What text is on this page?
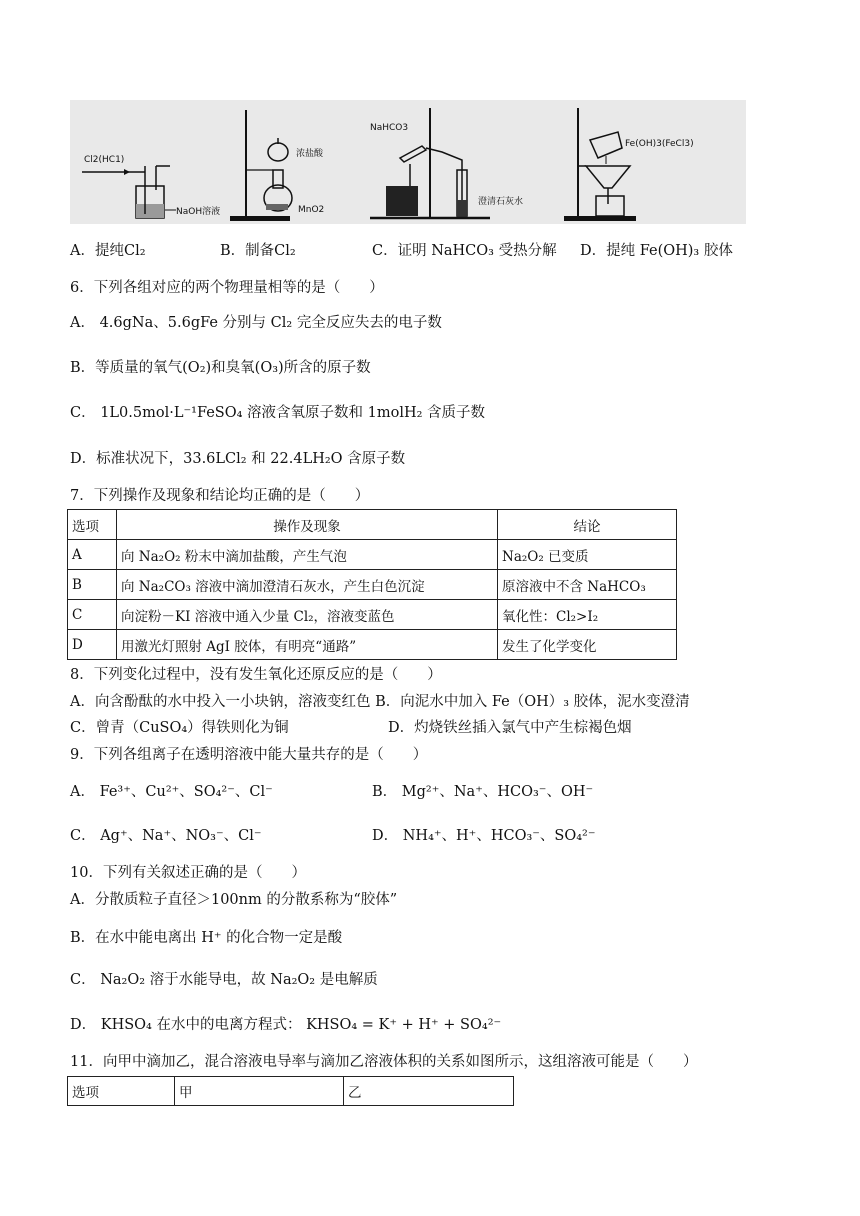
Cl2(HC1)
NaOH溶液
浓盐酸
MnO2
NaHCO3
澄清石灰水
Fe(OH)3(FeCl3)
A．提纯Cl₂	B．制备Cl₂	C．证明 NaHCO₃ 受热分解 D．提纯 Fe(OH)₃ 胶体
6．下列各组对应的两个物理量相等的是（　　）
A． 4.6gNa、5.6gFe 分别与 Cl₂ 完全反应失去的电子数
B．等质量的氧气(O₂)和臭氧(O₃)所含的原子数
C． 1L0.5mol·L⁻¹FeSO₄ 溶液含氧原子数和 1molH₂ 含质子数
D．标准状况下，33.6LCl₂ 和 22.4LH₂O 含原子数
7．下列操作及现象和结论均正确的是（　　）
选项	操作及现象	结论
A	向 Na₂O₂ 粉末中滴加盐酸，产生气泡	Na₂O₂ 已变质
B	向 Na₂CO₃ 溶液中滴加澄清石灰水，产生白色沉淀	原溶液中不含 NaHCO₃
C	向淀粉－KI 溶液中通入少量 Cl₂，溶液变蓝色	氧化性：Cl₂>I₂
D	用激光灯照射 AgI 胶体，有明亮“通路”	发生了化学变化
8．下列变化过程中，没有发生氧化还原反应的是（　　）
A．向含酚酞的水中投入一小块钠，溶液变红色 B．向泥水中加入 Fe（OH）₃ 胶体，泥水变澄清
C．曾青（CuSO₄）得铁则化为铜	D．灼烧铁丝插入氯气中产生棕褐色烟
9．下列各组离子在透明溶液中能大量共存的是（　　）
A． Fe³⁺、Cu²⁺、SO₄²⁻、Cl⁻	B． Mg²⁺、Na⁺、HCO₃⁻、OH⁻
C． Ag⁺、Na⁺、NO₃⁻、Cl⁻	D． NH₄⁺、H⁺、HCO₃⁻、SO₄²⁻
10．下列有关叙述正确的是（　　）
A．分散质粒子直径＞100nm 的分散系称为“胶体”
B．在水中能电离出 H⁺ 的化合物一定是酸
C． Na₂O₂ 溶于水能导电，故 Na₂O₂ 是电解质
D． KHSO₄ 在水中的电离方程式： KHSO₄ = K⁺ + H⁺ + SO₄²⁻
11．向甲中滴加乙，混合溶液电导率与滴加乙溶液体积的关系如图所示，这组溶液可能是（　　）
选项	甲	乙
